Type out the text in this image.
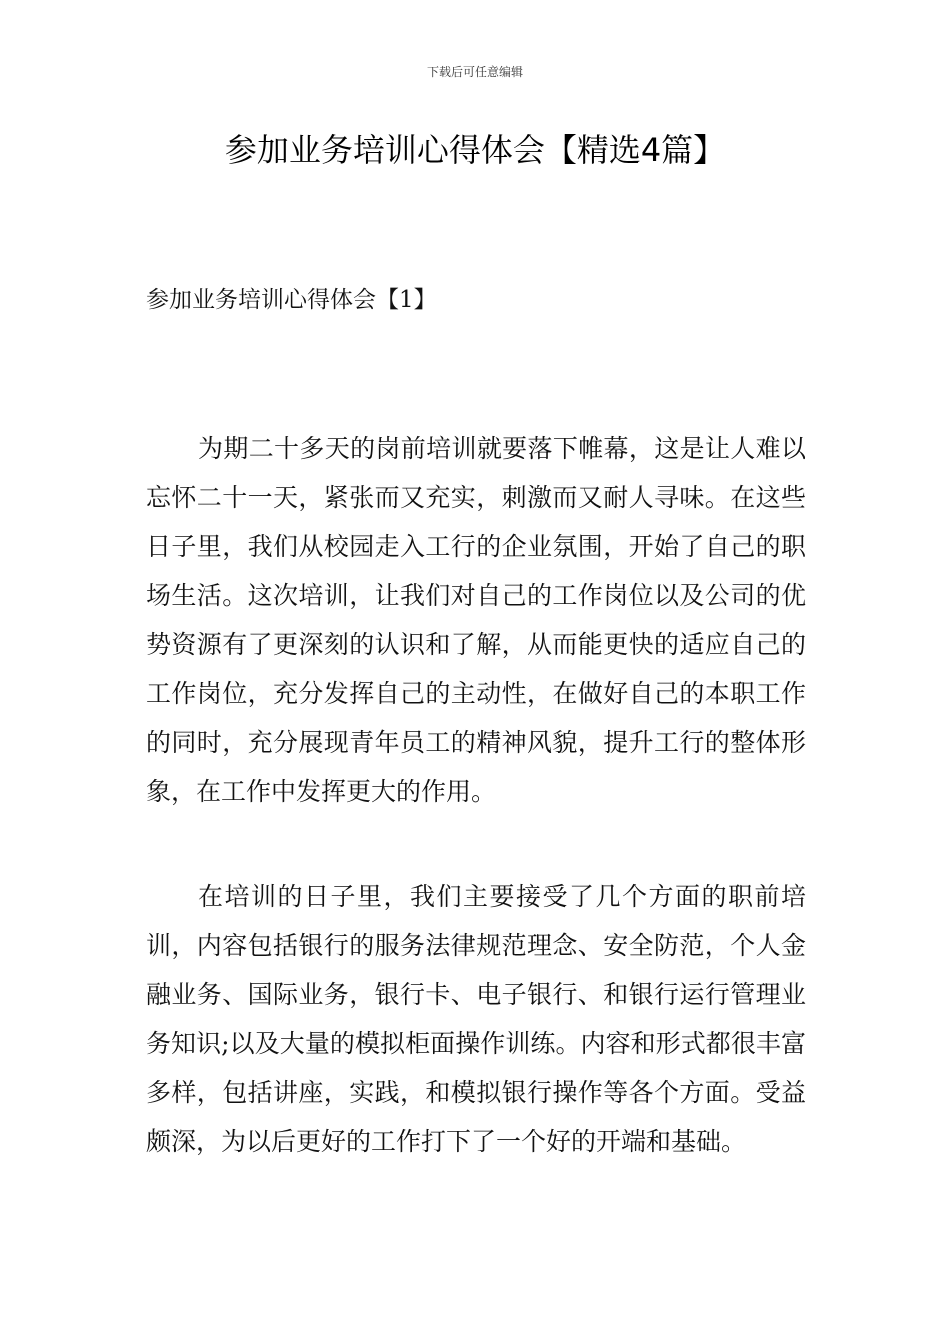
下载后可任意编辑
参加业务培训心得体会【精选4篇】
参加业务培训心得体会【1】

为期二十多天的岗前培训就要落下帷幕，这是让人难以忘怀二十一天，紧张而又充实，刺激而又耐人寻味。在这些日子里，我们从校园走入工行的企业氛围，开始了自己的职场生活。这次培训，让我们对自己的工作岗位以及公司的优势资源有了更深刻的认识和了解，从而能更快的适应自己的工作岗位，充分发挥自己的主动性，在做好自己的本职工作的同时，充分展现青年员工的精神风貌，提升工行的整体形象，在工作中发挥更大的作用。

在培训的日子里，我们主要接受了几个方面的职前培训，内容包括银行的服务法律规范理念、安全防范，个人金融业务、国际业务，银行卡、电子银行、和银行运行管理业务知识;以及大量的模拟柜面操作训练。内容和形式都很丰富多样，包括讲座，实践，和模拟银行操作等各个方面。受益颇深，为以后更好的工作打下了一个好的开端和基础。
